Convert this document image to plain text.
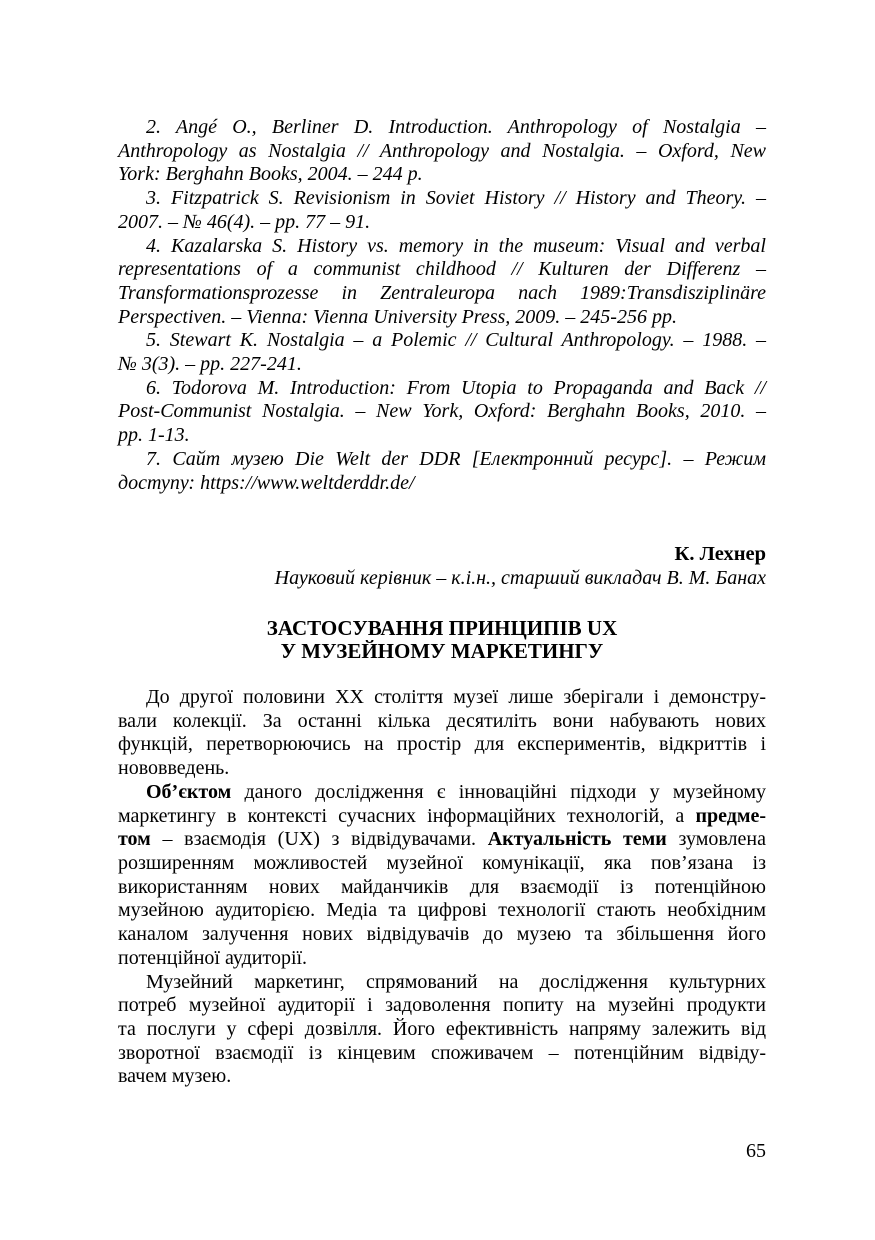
2. Angé O., Berliner D. Introduction. Anthropology of Nostalgia –
Anthropology as Nostalgia // Anthropology and Nostalgia. – Oxford, New
York: Berghahn Books, 2004. – 244 p.
3. Fitzpatrick S. Revisionism in Soviet History // History and Theory. –
2007. – № 46(4). – pp. 77 – 91.
4. Kazalarska S. History vs. memory in the museum: Visual and verbal
representations of a communist childhood // Kulturen der Differenz –
Transformationsprozesse in Zentraleuropa nach 1989:Transdisziplinäre
Perspectiven. – Vienna: Vienna University Press, 2009. – 245-256 pp.
5. Stewart K. Nostalgia – a Polemic // Cultural Anthropology. – 1988. –
№ 3(3). – pp. 227-241.
6. Todorova M. Introduction: From Utopia to Propaganda and Back //
Post-Communist Nostalgia. – New York, Oxford: Berghahn Books, 2010. –
pp. 1-13.
7. Сайт музею Die Welt der DDR [Електронний ресурс]. – Режим
доступу: https://www.weltderddr.de/
К. Лехнер
Науковий керівник – к.і.н., старший викладач В. М. Банах
ЗАСТОСУВАННЯ ПРИНЦИПІВ UX
У МУЗЕЙНОМУ МАРКЕТИНГУ
До другої половини XX століття музеї лише зберігали і демонстру-
вали колекції. За останні кілька десятиліть вони набувають нових
функцій, перетворюючись на простір для експериментів, відкриттів і
нововведень.
Об’єктом даного дослідження є інноваційні підходи у музейному
маркетингу в контексті сучасних інформаційних технологій, а предме-
том – взаємодія (UX) з відвідувачами. Актуальність теми зумовлена
розширенням можливостей музейної комунікації, яка пов’язана із
використанням нових майданчиків для взаємодії із потенційною
музейною аудиторією. Медіа та цифрові технології стають необхідним
каналом залучення нових відвідувачів до музею та збільшення його
потенційної аудиторії.
Музейний маркетинг, спрямований на дослідження культурних
потреб музейної аудиторії і задоволення попиту на музейні продукти
та послуги у сфері дозвілля. Його ефективність напряму залежить від
зворотної взаємодії із кінцевим споживачем – потенційним відвіду-
вачем музею.
65
